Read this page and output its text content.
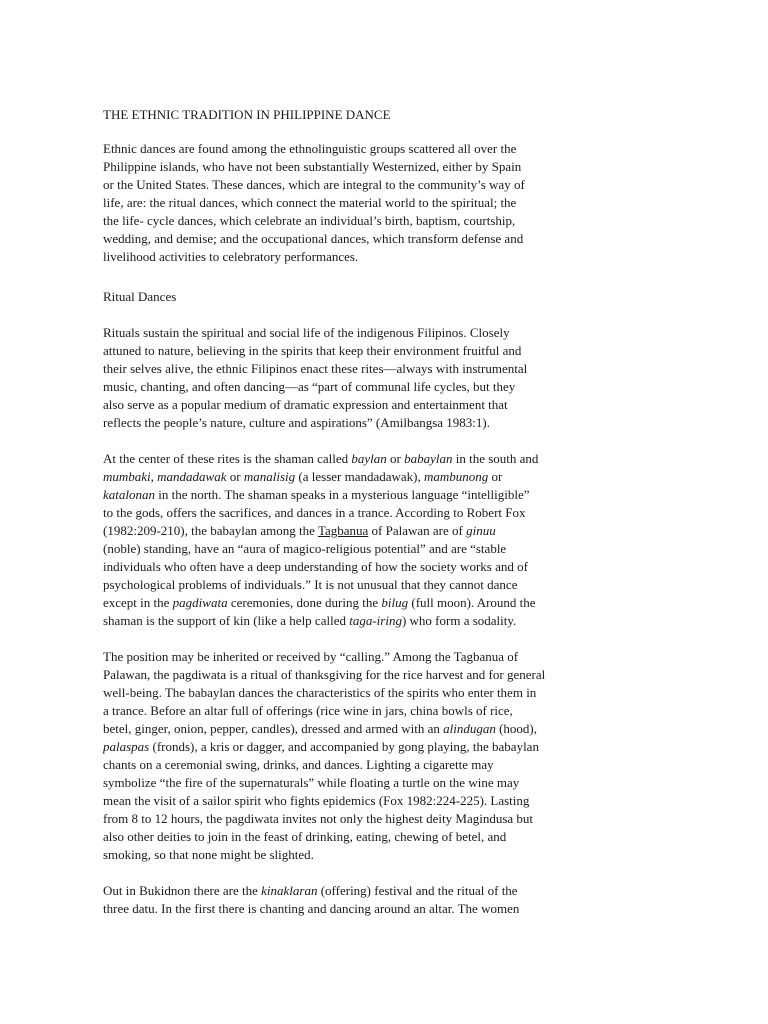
THE ETHNIC TRADITION IN PHILIPPINE DANCE

Ethnic dances are found among the ethnolinguistic groups scattered all over the
Philippine islands, who have not been substantially Westernized, either by Spain
or the United States. These dances, which are integral to the community’s way of
life, are: the ritual dances, which connect the material world to the spiritual; the
the life- cycle dances, which celebrate an individual’s birth, baptism, courtship,
wedding, and demise; and the occupational dances, which transform defense and
livelihood activities to celebratory performances.

Ritual Dances

Rituals sustain the spiritual and social life of the indigenous Filipinos. Closely
attuned to nature, believing in the spirits that keep their environment fruitful and
their selves alive, the ethnic Filipinos enact these rites—always with instrumental
music, chanting, and often dancing—as “part of communal life cycles, but they
also serve as a popular medium of dramatic expression and entertainment that
reflects the people’s nature, culture and aspirations” (Amilbangsa 1983:1).

At the center of these rites is the shaman called baylan or babaylan in the south and
mumbaki, mandadawak or manalisig (a lesser mandadawak), mambunong or
katalonan in the north. The shaman speaks in a mysterious language “intelligible”
to the gods, offers the sacrifices, and dances in a trance. According to Robert Fox
(1982:209-210), the babaylan among the Tagbanua of Palawan are of ginuu
(noble) standing, have an “aura of magico-religious potential” and are “stable
individuals who often have a deep understanding of how the society works and of
psychological problems of individuals.” It is not unusual that they cannot dance
except in the pagdiwata ceremonies, done during the bilug (full moon). Around the
shaman is the support of kin (like a help called taga-iring) who form a sodality.

The position may be inherited or received by “calling.” Among the Tagbanua of
Palawan, the pagdiwata is a ritual of thanksgiving for the rice harvest and for general
well-being. The babaylan dances the characteristics of the spirits who enter them in
a trance. Before an altar full of offerings (rice wine in jars, china bowls of rice,
betel, ginger, onion, pepper, candles), dressed and armed with an alindugan (hood),
palaspas (fronds), a kris or dagger, and accompanied by gong playing, the babaylan
chants on a ceremonial swing, drinks, and dances. Lighting a cigarette may
symbolize “the fire of the supernaturals” while floating a turtle on the wine may
mean the visit of a sailor spirit who fights epidemics (Fox 1982:224-225). Lasting
from 8 to 12 hours, the pagdiwata invites not only the highest deity Magindusa but
also other deities to join in the feast of drinking, eating, chewing of betel, and
smoking, so that none might be slighted.

Out in Bukidnon there are the kinaklaran (offering) festival and the ritual of the
three datu. In the first there is chanting and dancing around an altar. The women
